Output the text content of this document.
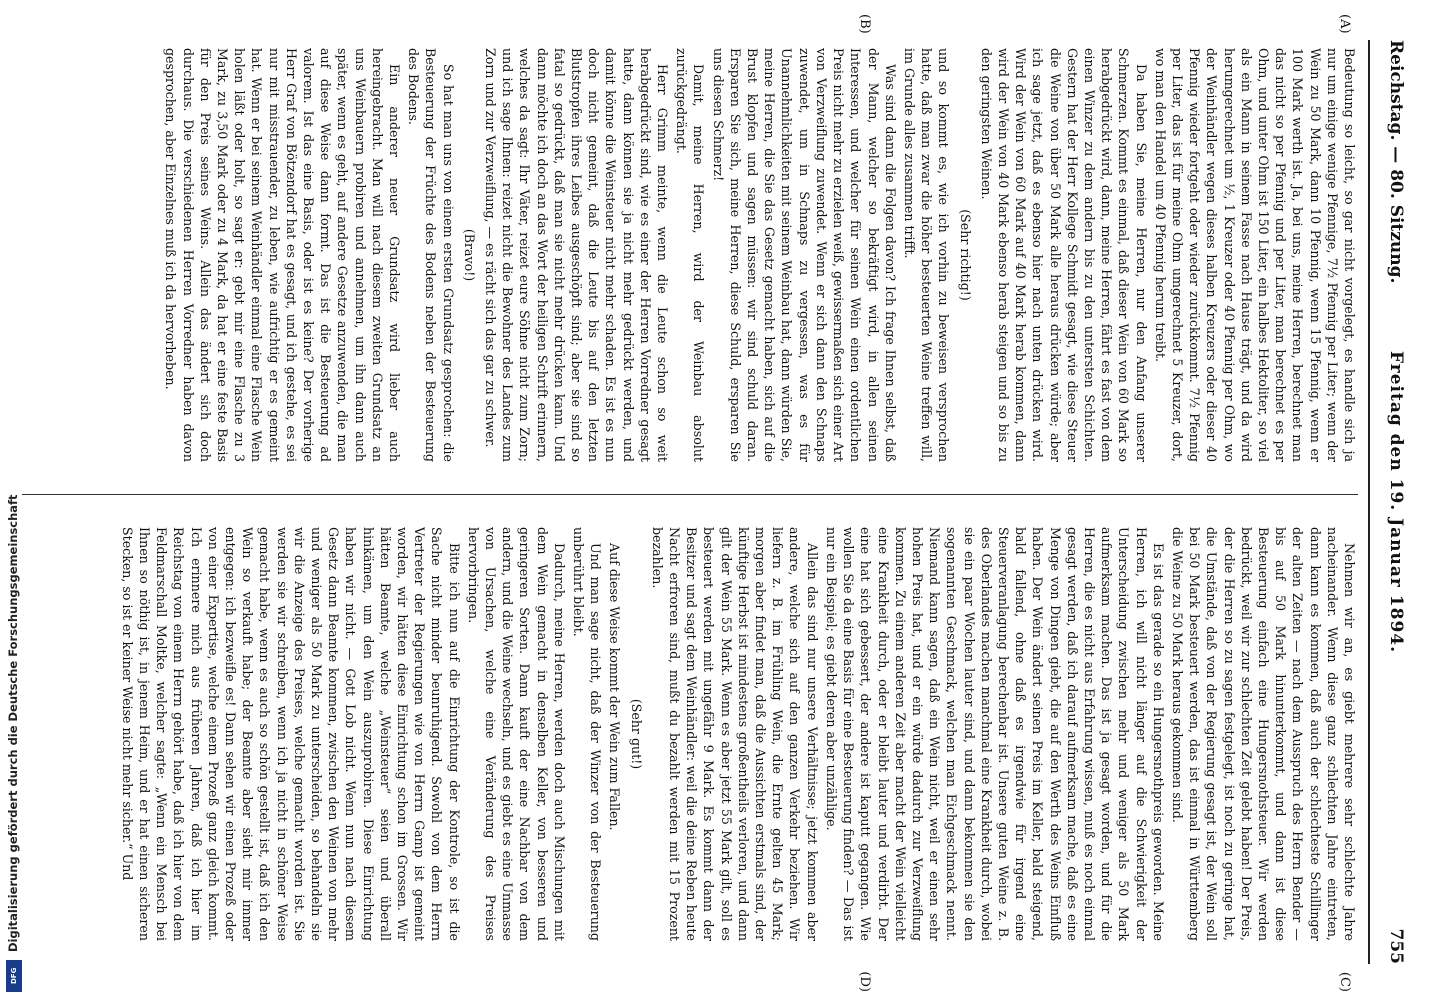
Reichstag. — 80. Sitzung.
Freitag den 19. Januar 1894.
755
(A)
(B)
(C)
(D)

Bedeutung so leicht, so gar nicht vorgelegt, es handle sich ja nur um einige wenige Pfennige, 7½ Pfennig per Liter; wenn der Wein zu 50 Mark, dann 10 Pfennig, wenn 15 Pfennig, wenn er 100 Mark werth ist. Ja, bei uns, meine Herren, berechnet man das nicht so per Pfennig und per Liter, man berechnet es per Ohm, und unter Ohm ist 150 Liter, ein halbes Hektoliter, so viel als ein Mann in seinem Fasse nach Hause trägt, und da wird herumgerechnet um ½, 1 Kreuzer oder 40 Pfennig per Ohm, wo der Weinhändler wegen dieses halben Kreuzers oder dieser 40 Pfennig wieder fortgeht oder wieder zurückkommt. 7½ Pfennig per Liter, das ist für meine Ohm umgerechnet 5 Kreuzer, dort, wo man den Handel um 40 Pfennig herum treibt.

Da haben Sie, meine Herren, nur den Anfang unserer Schmerzen. Kommt es einmal, daß dieser Wein von 60 Mark so herabgedrückt wird, dann, meine Herren, fährt es fast von dem einen Winzer zu dem andern bis zu den untersten Schichten. Gestern hat der Herr Kollege Schmidt gesagt, wie diese Steuer die Weine von über 50 Mark alle heraus drücken würde; aber ich sage jetzt, daß es ebenso hier nach unten drücken wird. Wird der Wein von 60 Mark auf 40 Mark herab kommen, dann wird der Wein von 40 Mark ebenso herab steigen und so bis zu den geringsten Weinen.

(Sehr richtig!)

und so kommt es, wie ich vorhin zu beweisen versprochen hatte, daß man zwar die höher besteuerten Weine treffen will, im Grunde alles zusammen trifft.

Was sind dann die Folgen davon? Ich frage Ihnen selbst, daß der Mann, welcher so bekräftigt wird, in allen seinen Interessen, und welcher für seinen Wein einen ordentlichen Preis nicht mehr zu erzielen weiß, gewissermaßen sich einer Art von Verzweiflung zuwendet. Wenn er sich dann den Schnaps zuwendet, um in Schnaps zu vergessen, was es für Unannehmlichkeiten mit seinem Weinbau hat, dann würden Sie, meine Herren, die Sie das Gesetz gemacht haben, sich auf die Brust klopfen und sagen müssen: wir sind schuld daran. Ersparen Sie sich, meine Herren, diese Schuld, ersparen Sie uns diesen Schmerz!

Damit, meine Herren, wird der Weinbau absolut zurückgedrängt.

Herr Grimm meinte, wenn die Leute schon so weit herabgedrückt sind, wie es einer der Herren Vorredner gesagt hatte, dann können sie ja nicht mehr gedrückt werden, und damit könne die Weinsteuer nicht mehr schaden. Es ist es nun doch nicht gemeint, daß die Leute bis auf den letzten Blutstropfen ihres Leibes ausgeschöpft sind; aber sie sind so fatal so gedrückt, daß man sie nicht mehr drücken kann. Und dann möchte ich doch an das Wort der heiligen Schrift erinnern, welches da sagt: Ihr Väter, reizet eure Söhne nicht zum Zorn; und ich sage Ihnen: reizet nicht die Bewohner des Landes zum Zorn und zur Verzweiflung, — es rächt sich das gar zu schwer.

(Bravo!)

So hat man uns von einem ersten Grundsatz gesprochen: die Besteuerung der Früchte des Bodens neben der Besteuerung des Bodens.

Ein anderer neuer Grundsatz wird lieber auch hereingebracht. Man will nach diesem zweiten Grundsatz an uns Weinbauern probiren und annehmen, um ihn dann auch später, wenn es geht, auf andere Gesetze anzuwenden, die man auf diese Weise dann formt. Das ist die Besteuerung ad valorem. Ist das eine Basis, oder ist es keine? Der vorherige Herr Graf von Bötzendorf hat es gesagt, und ich gestehe, es sei nur mit misstrauender, zu leben, wie aufrichtig er es gemeint hat. Wenn er bei seinem Weinhändler einmal eine Flasche Wein holen läßt oder holt, so sagt er: gebt mir eine Flasche zu 3 Mark, zu 3,50 Mark oder zu 4 Mark, da hat er eine feste Basis für den Preis seines Weins. Allein das ändert sich doch durchaus. Die verschiedenen Herren Vorredner haben davon gesprochen, aber Einzelnes muß ich da hervorheben.

Nehmen wir an, es giebt mehrere sehr schlechte Jahre nacheinander. Wenn diese ganz schlechten Jahre eintreten, dann kann es kommen, daß auch der schlechteste Schillinger der alten Zeiten — nach dem Ausspruch des Herrn Bender — bis auf 50 Mark hinunterkommt, und dann ist diese Besteuerung einfach eine Hungersnothsteuer. Wir werden bedrückt, weil wir zur schlechten Zeit gelebt haben! Der Preis, der die Herren so zu sagen festgelegt, ist noch zu geringe hat, die Umstände, daß von der Regierung gesagt ist, der Wein soll bei 50 Mark besteuert werden, das ist einmal in Württemberg die Weine zu 50 Mark heraus gekommen sind.

Es ist das gerade so ein Hungersnothpreis geworden. Meine Herren, ich will nicht länger auf die Schwierigkeit der Unterscheidung zwischen mehr und weniger als 50 Mark aufmerksam machen. Das ist ja gesagt worden, und für die Herren, die es nicht aus Erfahrung wissen, muß es noch einmal gesagt werden, daß ich darauf aufmerksam mache, daß es eine Menge von Dingen giebt, die auf den Werth des Weins Einfluß haben. Der Wein ändert seinen Preis im Keller, bald steigend, bald fallend, ohne daß es irgendwie für irgend eine Steuerveranlagung berechenbar ist. Unsere guten Weine z. B. des Oberlandes machen manchmal eine Krankheit durch, wobei sie ein paar Wochen lauter sind, und dann bekommen sie den sogenannten Geschmack, welchen man Eichgeschmack nennt. Niemand kann sagen, daß ein Wein nicht, weil er einen sehr hohen Preis hat, und er ein würde dadurch zur Verzweiflung kommen. Zu einem anderen Zeit aber macht der Wein vielleicht eine Krankheit durch, oder er bleibt lauter und verdirbt. Der eine hat sich gebessert, der andere ist kaputt gegangen. Wie wollen Sie da eine Basis für eine Besteuerung finden? — Das ist nur ein Beispiel; es giebt deren aber unzählige.

Allein das sind nur unsere Verhältnisse; jetzt kommen aber andere, welche sich auf den ganzen Verkehr beziehen. Wir liefern z. B. im Frühling Wein, die Ernte gelten 45 Mark; morgen aber findet man, daß die Aussichten erstmals sind, der künftige Herbst ist mindestens großentheils verloren, und dann gilt der Wein 55 Mark. Wenn es aber jetzt 55 Mark gilt, soll es besteuert werden mit ungefähr 9 Mark. Es kommt dann der Besitzer und sagt dem Weinhändler: weil die deine Reben heute Nacht erfroren sind, mußt du bezahlt werden mit 15 Prozent bezahlen.

(Sehr gut!)

Auf diese Weise kommt der Wein zum Fallen.

Und man sage nicht, daß der Winzer von der Besteuerung unberührt bleibt.

Dadurch, meine Herren, werden doch auch Mischungen mit dem Wein gemacht in denselben Keller, von besseren und geringeren Sorten. Dann kauft der eine Nachbar von dem andern, und die Weine wechseln, und es giebt es eine Unmasse von Ursachen, welche eine Veränderung des Preises hervorbringen.

Bitte ich nun auf die Einrichtung der Kontrole, so ist die Sache nicht minder beunruhigend. Sowohl von dem Herrn Vertreter der Regierungen wie von Herrn Gamp ist gemeint worden, wir hätten diese Einrichtung schon im Grossen. Wir hätten Beamte, welche „Weinsteuer“ seien und überall hinkämen, um den Wein auszuprobiren. Diese Einrichtung haben wir nicht. — Gott Lob nicht. Wenn nun nach diesem Gesetz dann Beamte kommen, zwischen den Weinen von mehr und weniger als 50 Mark zu unterscheiden, so behandeln sie wir die Anzeige des Preises, welche gemacht worden ist. Sie werden sie wir schreiben, wenn ich ja nicht in schöner Weise gemacht habe, wenn es auch so schön gestellt ist, daß ich den Wein so verkauft habe; der Beamte aber sieht mir immer entgegen: ich bezweifle es! Dann sehen wir einen Prozeß oder von einer Expertise, welche einem Prozeß ganz gleich kommt. Ich erinnere mich aus früheren Jahren, daß ich hier im Reichstag von einem Herrn gehört habe, daß ich hier von dem Feldmarschall Moltke, welcher sagte: „Wenn ein Mensch bei Ihnen so nöthig ist, in jenem Heim, und er hat einen sicheren Stecken, so ist er keiner Weise nicht mehr sicher.“ Und

Digitalisierung gefördert durch die Deutsche Forschungsgemeinschaft
DFG
